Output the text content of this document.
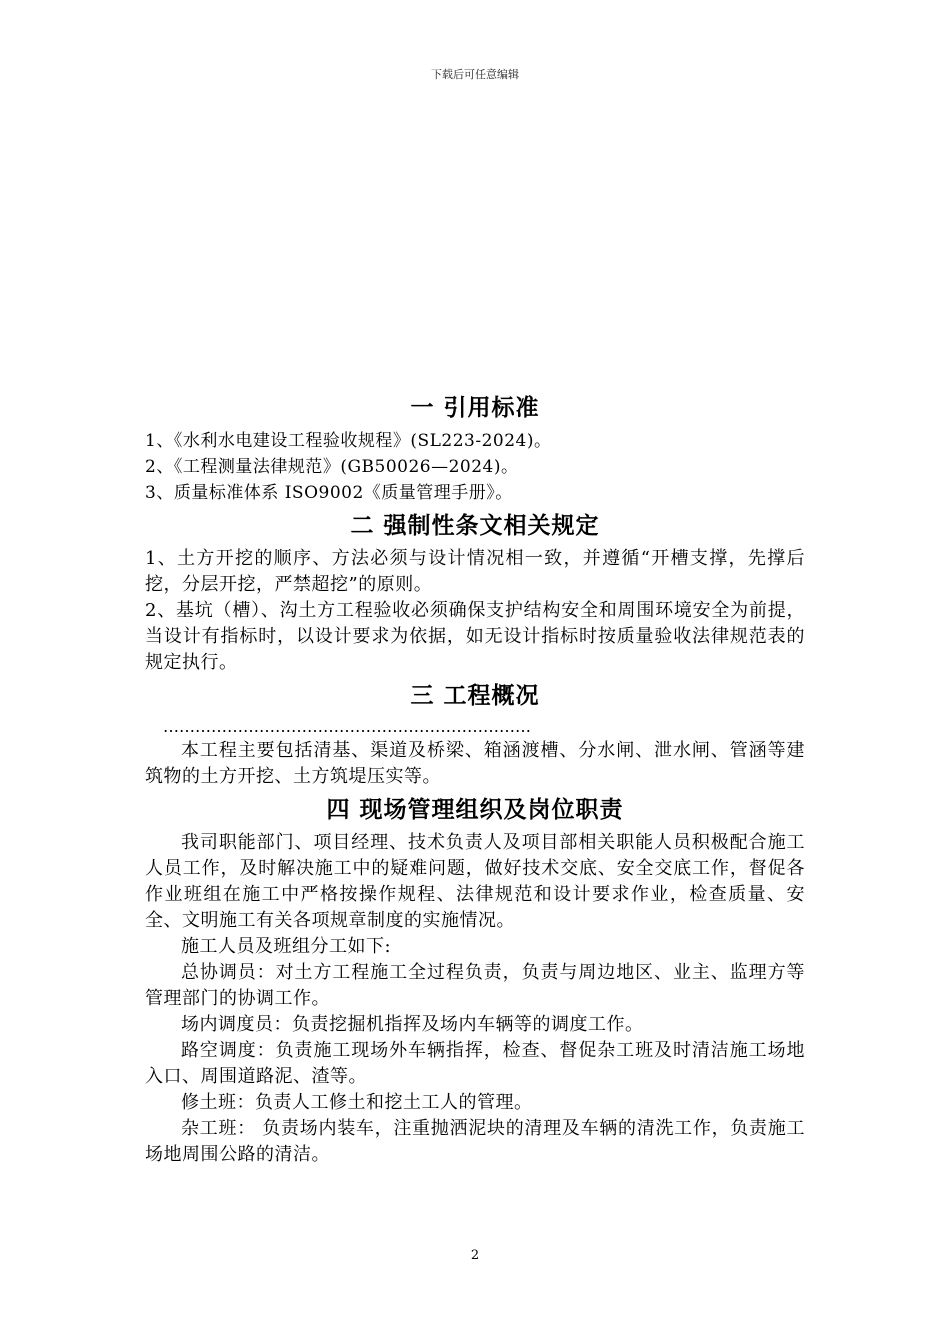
下载后可任意编辑
一 引用标准

1、《水利水电建设工程验收规程》(SL223-2024)。

2、《工程测量法律规范》(GB50026—2024)。

3、质量标准体系 ISO9002《质量管理手册》。

二 强制性条文相关规定

1、土方开挖的顺序、方法必须与设计情况相一致，并遵循“开槽支撑，先撑后挖，分层开挖，严禁超挖”的原则。

2、基坑（槽）、沟土方工程验收必须确保支护结构安全和周围环境安全为前提，当设计有指标时，以设计要求为依据，如无设计指标时按质量验收法律规范表的规定执行。

三 工程概况

……………………………………………………………

本工程主要包括清基、渠道及桥梁、箱涵渡槽、分水闸、泄水闸、管涵等建筑物的土方开挖、土方筑堤压实等。

四 现场管理组织及岗位职责

我司职能部门、项目经理、技术负责人及项目部相关职能人员积极配合施工人员工作，及时解决施工中的疑难问题，做好技术交底、安全交底工作，督促各作业班组在施工中严格按操作规程、法律规范和设计要求作业，检查质量、安全、文明施工有关各项规章制度的实施情况。

施工人员及班组分工如下:

总协调员：对土方工程施工全过程负责，负责与周边地区、业主、监理方等管理部门的协调工作。

场内调度员：负责挖掘机指挥及场内车辆等的调度工作。

路空调度：负责施工现场外车辆指挥，检查、督促杂工班及时清洁施工场地入口、周围道路泥、渣等。

修土班：负责人工修土和挖土工人的管理。

杂工班： 负责场内装车，注重抛洒泥块的清理及车辆的清洗工作，负责施工场地周围公路的清洁。

2
